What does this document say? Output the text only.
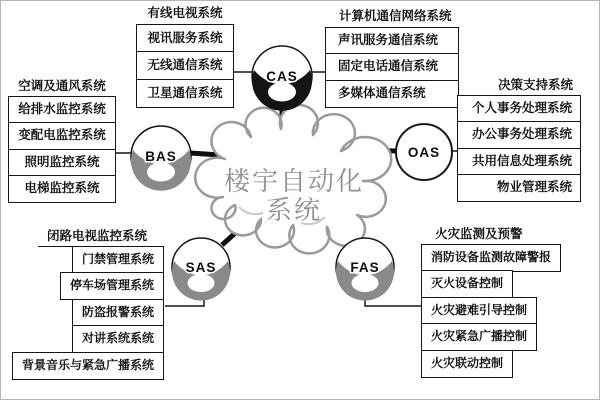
CAS
BAS	OAS
SAS	FAS
楼宇自动化
系统
有线电视系统
视讯服务系统
无线通信系统
卫星通信系统
计算机通信网络系统
声讯服务通信系统
固定电话通信系统
多媒体通信系统
空调及通风系统
给排水监控系统
变配电监控系统
照明监控系统
电梯监控系统
决策支持系统
个人事务处理系统
办公事务处理系统
共用信息处理系统
物业管理系统
闭路电视监控系统
门禁管理系统
停车场管理系统
防盗报警系统
对讲系统系统
背景音乐与紧急广播系统
火灾监测及预警
消防设备监测故障警报
灭火设备控制
火灾避难引导控制
火灾紧急广播控制
火灾联动控制
